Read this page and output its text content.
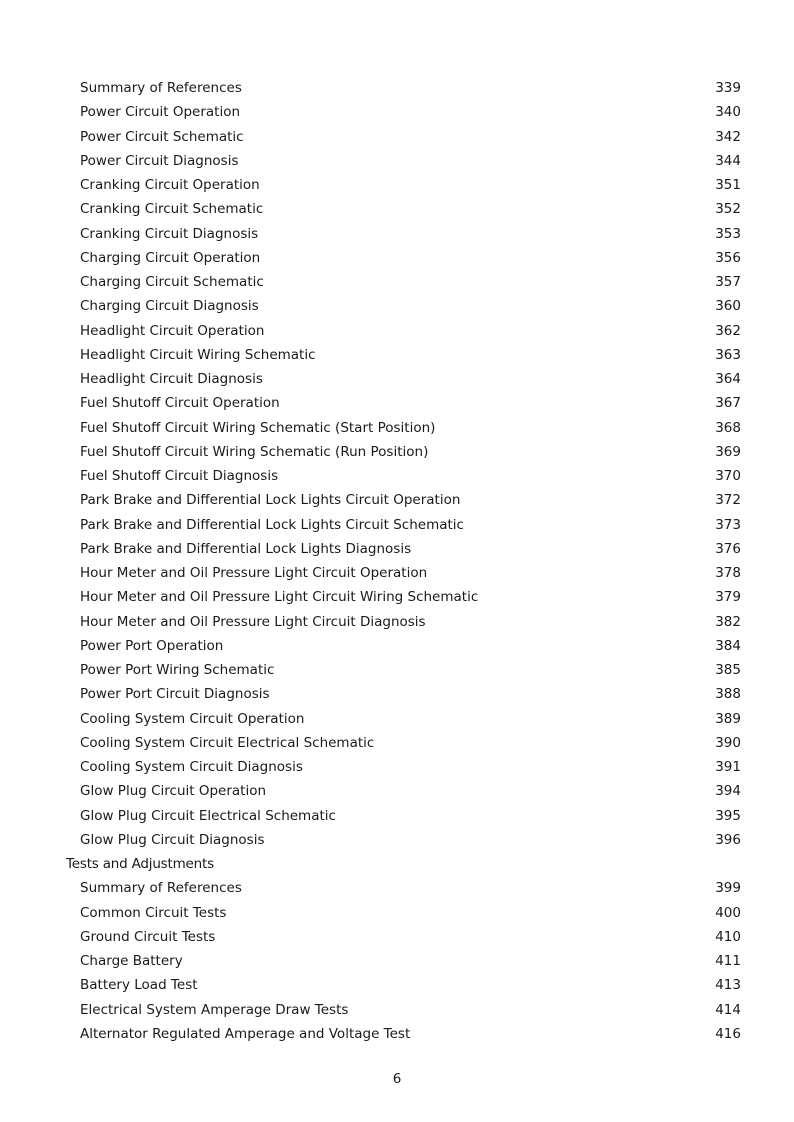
Summary of References	339
Power Circuit Operation	340
Power Circuit Schematic	342
Power Circuit Diagnosis	344
Cranking Circuit Operation	351
Cranking Circuit Schematic	352
Cranking Circuit Diagnosis	353
Charging Circuit Operation	356
Charging Circuit Schematic	357
Charging Circuit Diagnosis	360
Headlight Circuit Operation	362
Headlight Circuit Wiring Schematic	363
Headlight Circuit Diagnosis	364
Fuel Shutoff Circuit Operation	367
Fuel Shutoff Circuit Wiring Schematic (Start Position)	368
Fuel Shutoff Circuit Wiring Schematic (Run Position)	369
Fuel Shutoff Circuit Diagnosis	370
Park Brake and Differential Lock Lights Circuit Operation	372
Park Brake and Differential Lock Lights Circuit Schematic	373
Park Brake and Differential Lock Lights Diagnosis	376
Hour Meter and Oil Pressure Light Circuit Operation	378
Hour Meter and Oil Pressure Light Circuit Wiring Schematic	379
Hour Meter and Oil Pressure Light Circuit Diagnosis	382
Power Port Operation	384
Power Port Wiring Schematic	385
Power Port Circuit Diagnosis	388
Cooling System Circuit Operation	389
Cooling System Circuit Electrical Schematic	390
Cooling System Circuit Diagnosis	391
Glow Plug Circuit Operation	394
Glow Plug Circuit Electrical Schematic	395
Glow Plug Circuit Diagnosis	396
Tests and Adjustments
Summary of References	399
Common Circuit Tests	400
Ground Circuit Tests	410
Charge Battery	411
Battery Load Test	413
Electrical System Amperage Draw Tests	414
Alternator Regulated Amperage and Voltage Test	416
6
